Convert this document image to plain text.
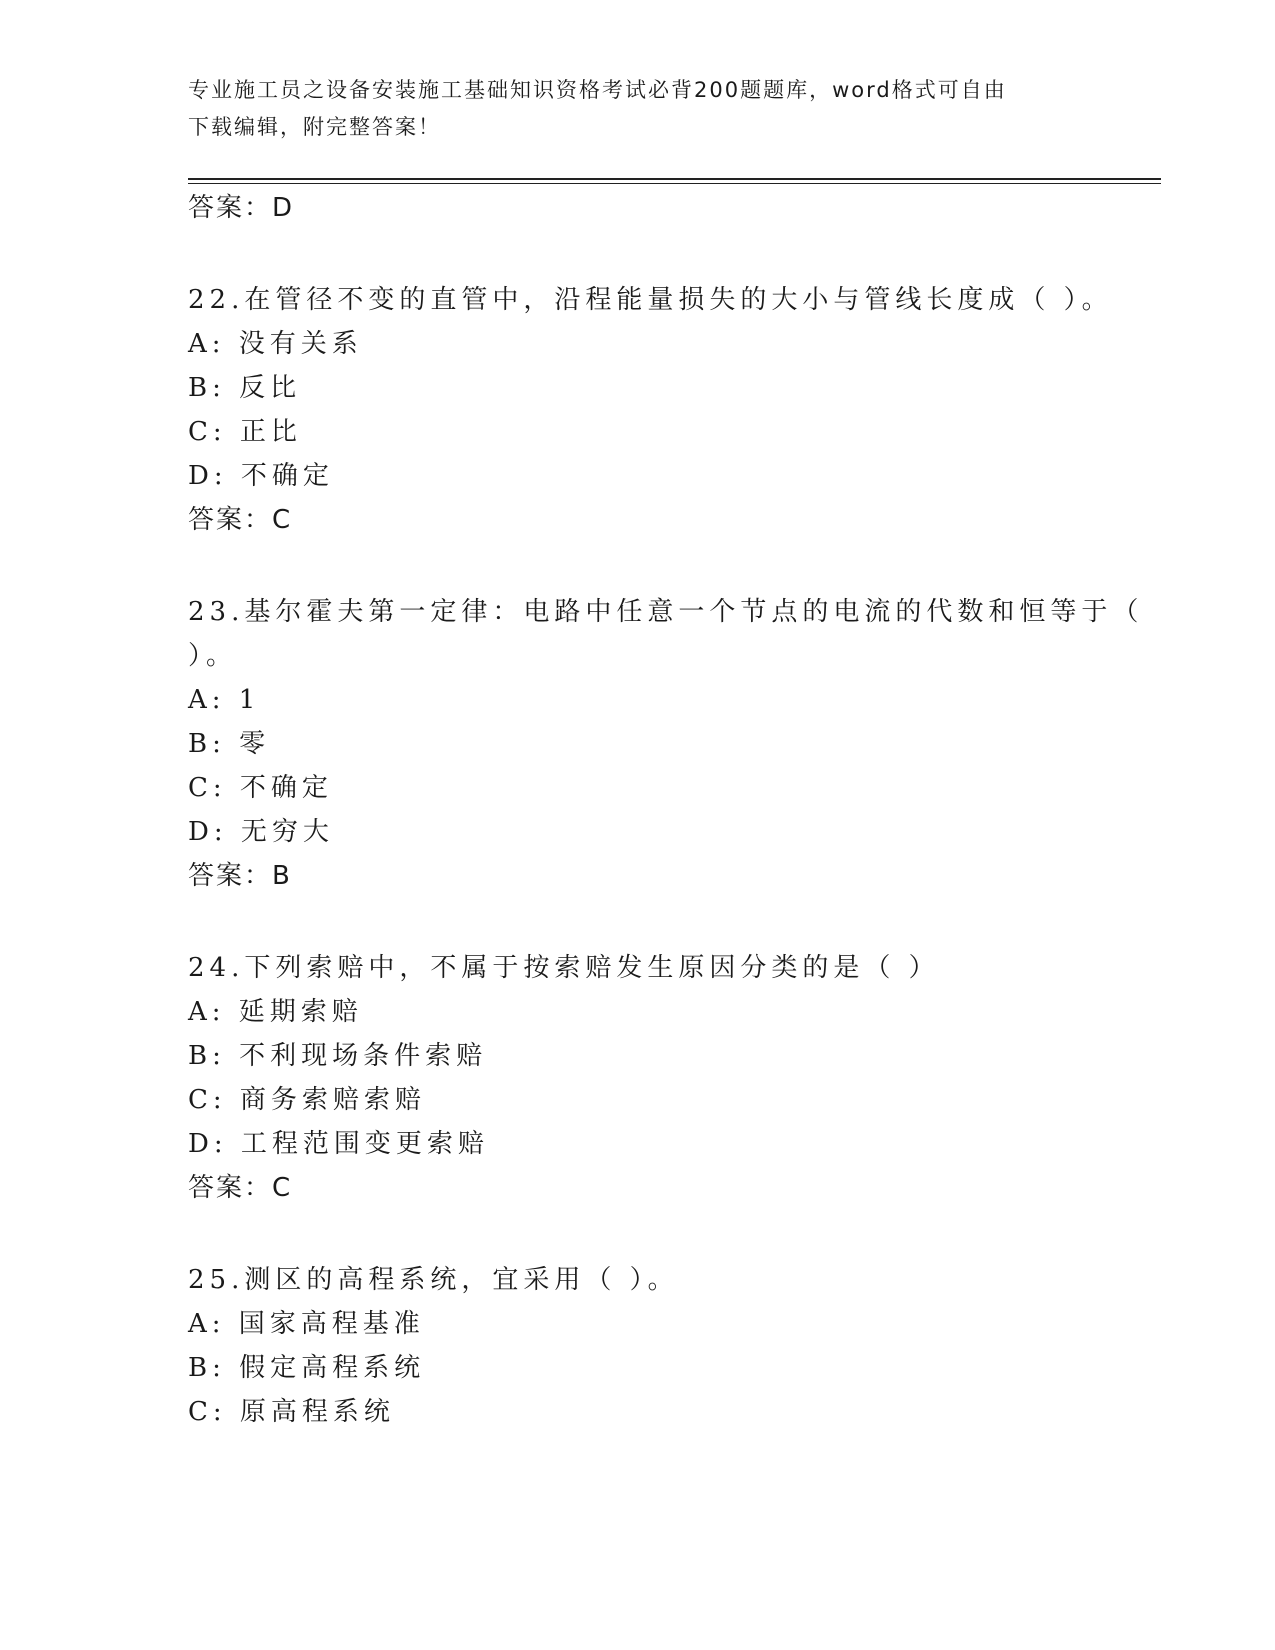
专业施工员之设备安装施工基础知识资格考试必背200题题库，word格式可自由
下载编辑，附完整答案！
答案：D
22.在管径不变的直管中，沿程能量损失的大小与管线长度成（ ）。
A: 没有关系
B: 反比
C: 正比
D: 不确定
答案：C
23.基尔霍夫第一定律：电路中任意一个节点的电流的代数和恒等于（
）。
A: 1
B: 零
C: 不确定
D: 无穷大
答案：B
24.下列索赔中，不属于按索赔发生原因分类的是（ ）
A: 延期索赔
B: 不利现场条件索赔
C: 商务索赔索赔
D: 工程范围变更索赔
答案：C
25.测区的高程系统，宜采用（ ）。
A: 国家高程基准
B: 假定高程系统
C: 原高程系统
